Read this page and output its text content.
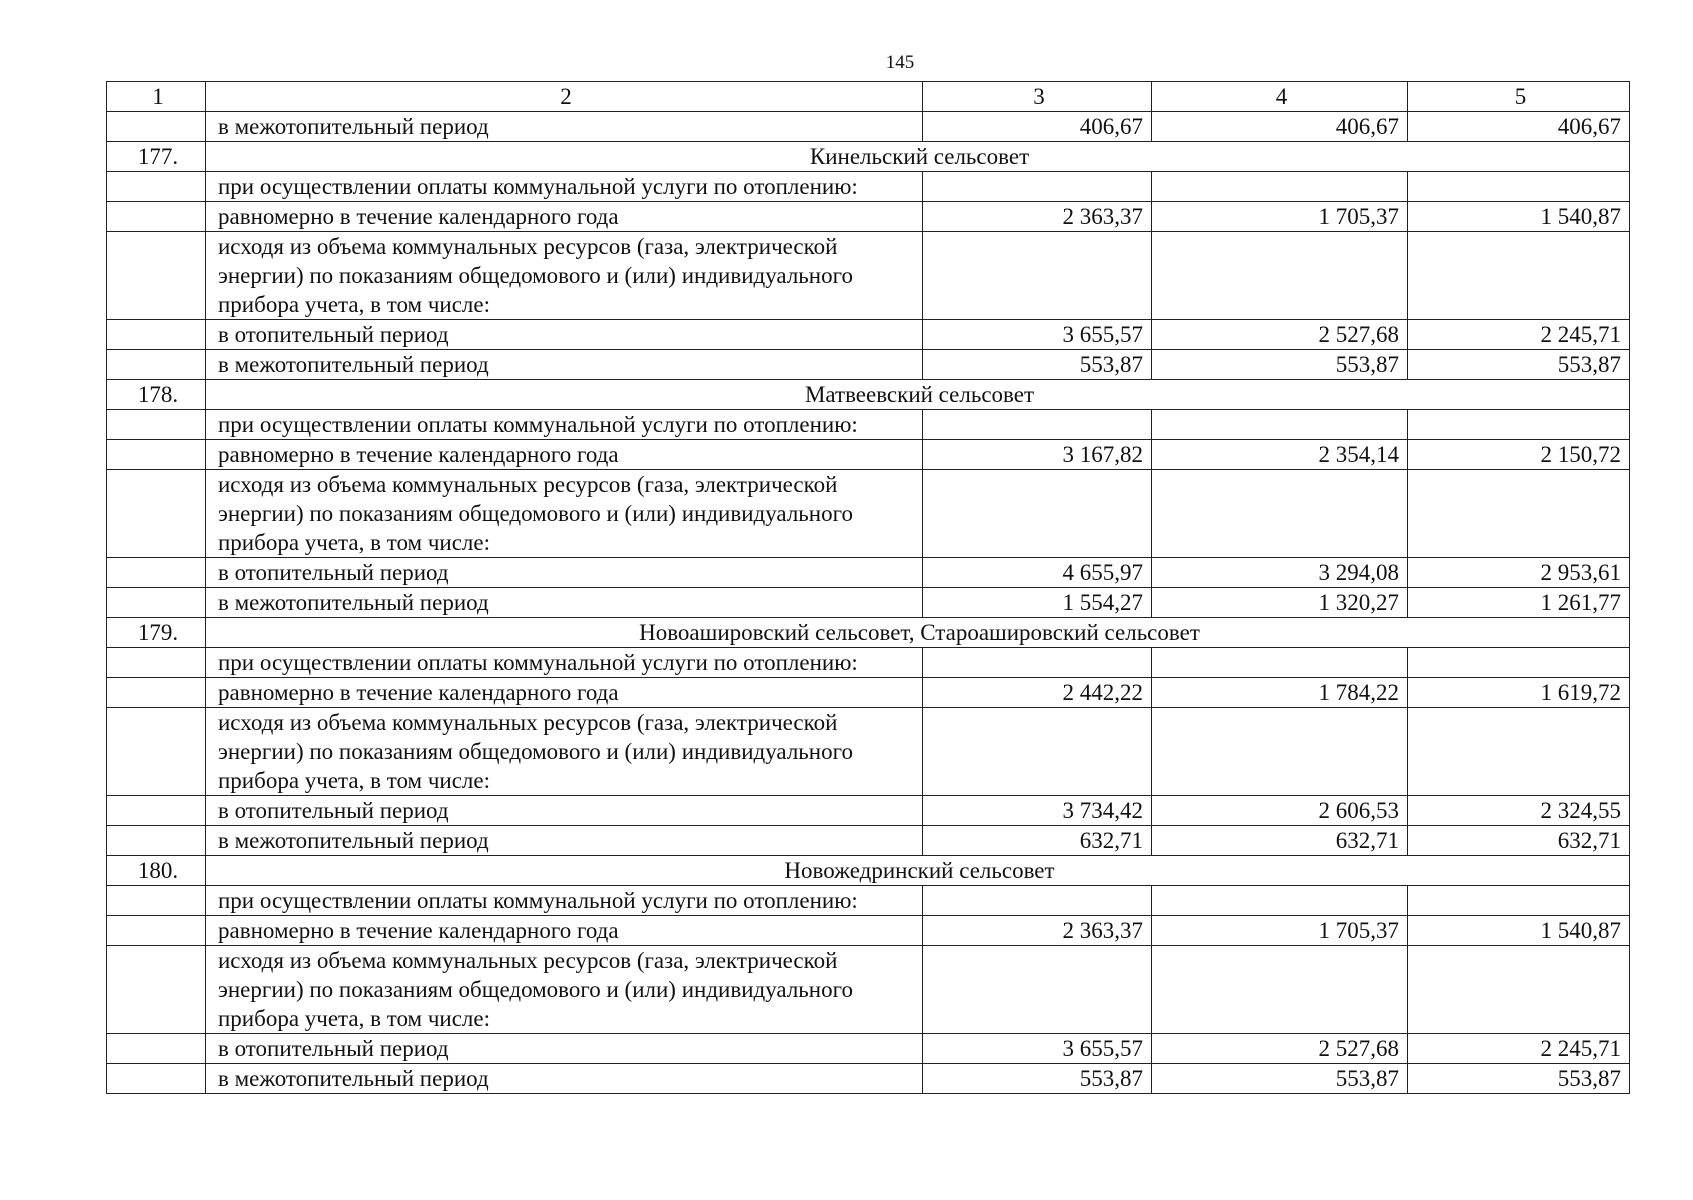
145
1	2	3	4	5
	в межотопительный период	406,67	406,67	406,67
177.	Кинельский сельсовет			
	при осуществлении оплаты коммунальной услуги по отоплению:			
	равномерно в течение календарного года	2 363,37	1 705,37	1 540,87
	исходя из объема коммунальных ресурсов (газа, электрической энергии) по показаниям общедомового и (или) индивидуального прибора учета, в том числе:			
	в отопительный период	3 655,57	2 527,68	2 245,71
	в межотопительный период	553,87	553,87	553,87
178.	Матвеевский сельсовет			
	при осуществлении оплаты коммунальной услуги по отоплению:			
	равномерно в течение календарного года	3 167,82	2 354,14	2 150,72
	исходя из объема коммунальных ресурсов (газа, электрической энергии) по показаниям общедомового и (или) индивидуального прибора учета, в том числе:			
	в отопительный период	4 655,97	3 294,08	2 953,61
	в межотопительный период	1 554,27	1 320,27	1 261,77
179.	Новоашировский сельсовет, Староашировский сельсовет			
	при осуществлении оплаты коммунальной услуги по отоплению:			
	равномерно в течение календарного года	2 442,22	1 784,22	1 619,72
	исходя из объема коммунальных ресурсов (газа, электрической энергии) по показаниям общедомового и (или) индивидуального прибора учета, в том числе:			
	в отопительный период	3 734,42	2 606,53	2 324,55
	в межотопительный период	632,71	632,71	632,71
180.	Новожедринский сельсовет			
	при осуществлении оплаты коммунальной услуги по отоплению:			
	равномерно в течение календарного года	2 363,37	1 705,37	1 540,87
	исходя из объема коммунальных ресурсов (газа, электрической энергии) по показаниям общедомового и (или) индивидуального прибора учета, в том числе:			
	в отопительный период	3 655,57	2 527,68	2 245,71
	в межотопительный период	553,87	553,87	553,87
